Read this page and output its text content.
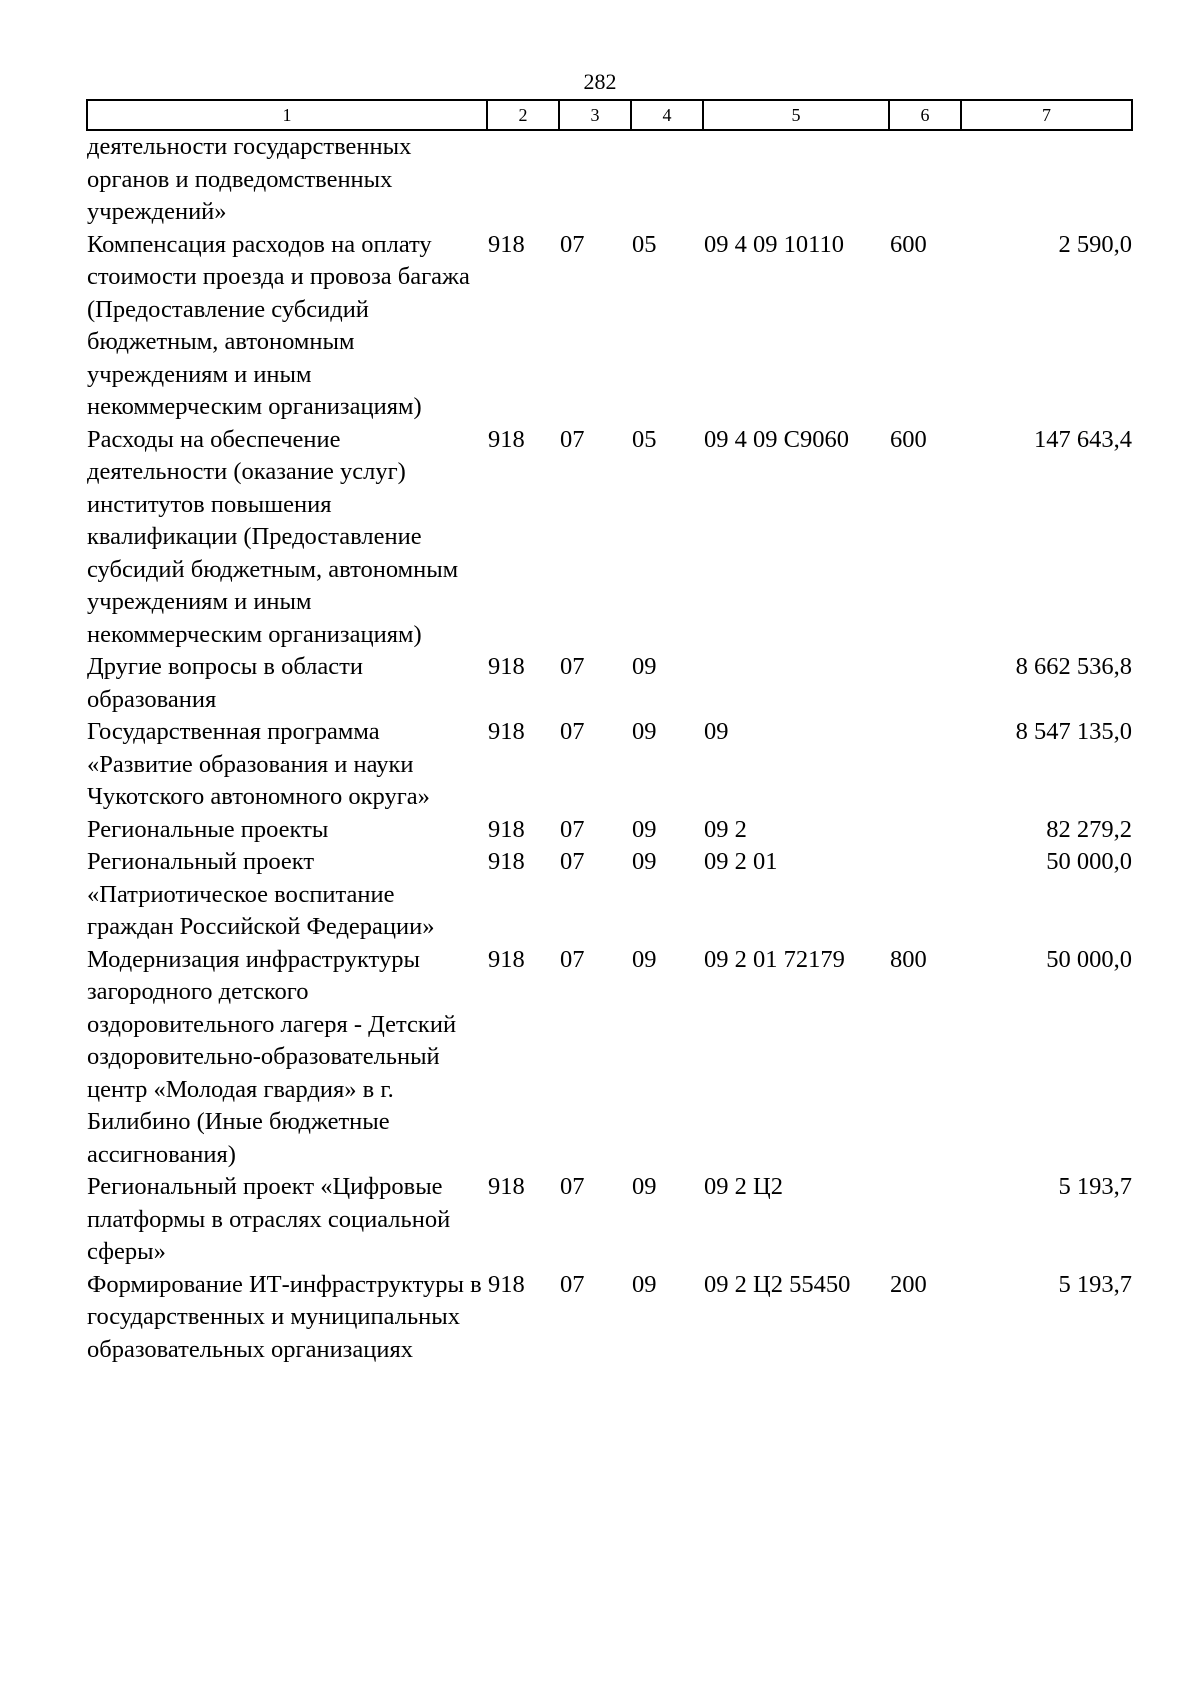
282
1	2	3	4	5	6	7
деятельности государственных органов и подведомственных учреждений»						
Компенсация расходов на оплату стоимости проезда и провоза багажа (Предоставление субсидий бюджетным, автономным учреждениям и иным некоммерческим организациям)	918	07	05	09 4 09 10110	600	2 590,0
Расходы на обеспечение деятельности (оказание услуг) институтов повышения квалификации (Предоставление субсидий бюджетным, автономным учреждениям и иным некоммерческим организациям)	918	07	05	09 4 09 С9060	600	147 643,4
Другие вопросы в области образования	918	07	09			8 662 536,8
Государственная программа «Развитие образования и науки Чукотского автономного округа»	918	07	09	09		8 547 135,0
Региональные проекты	918	07	09	09 2		82 279,2
Региональный проект «Патриотическое воспитание граждан Российской Федерации»	918	07	09	09 2 01		50 000,0
Модернизация инфраструктуры загородного детского оздоровительного лагеря - Детский оздоровительно-образовательный центр «Молодая гвардия» в г. Билибино (Иные бюджетные ассигнования)	918	07	09	09 2 01 72179	800	50 000,0
Региональный проект «Цифровые платформы в отраслях социальной сферы»	918	07	09	09 2 Ц2		5 193,7
Формирование ИТ-инфраструктуры в государственных и муниципальных образовательных организациях	918	07	09	09 2 Ц2 55450	200	5 193,7
